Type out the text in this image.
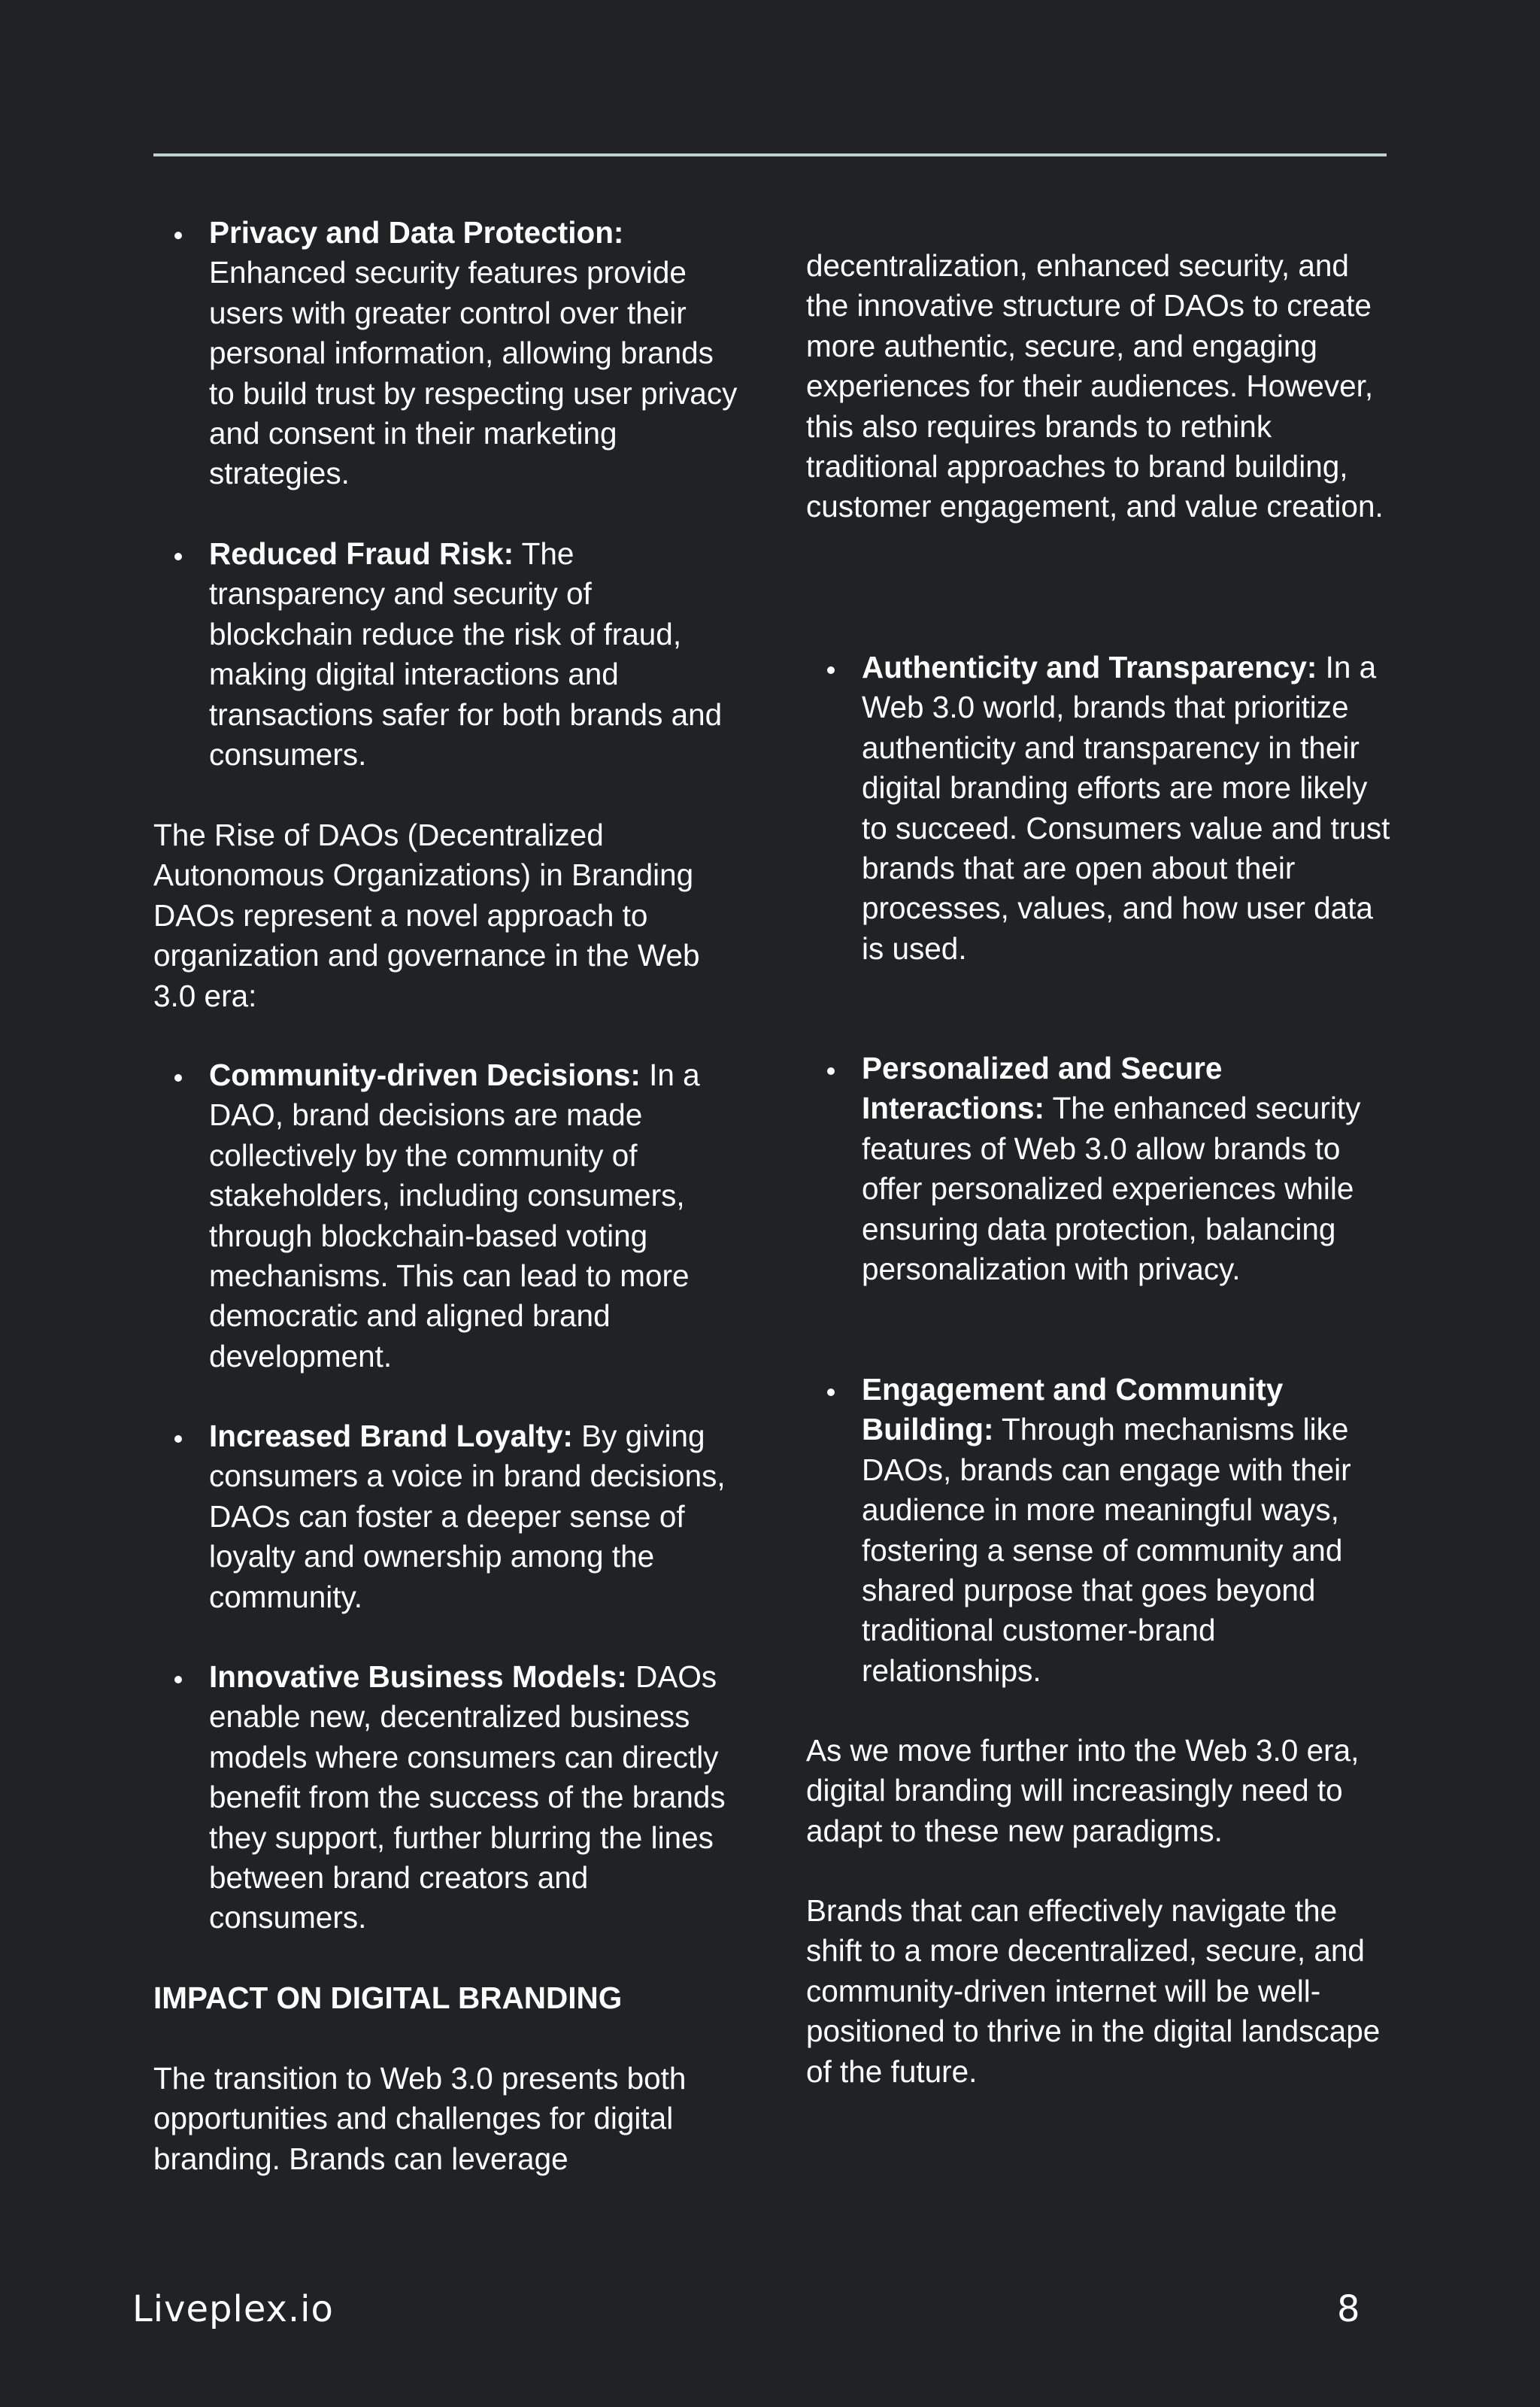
Privacy and Data Protection: Enhanced security features provide users with greater control over their personal information, allowing brands to build trust by respecting user privacy and consent in their marketing strategies.
Reduced Fraud Risk: The transparency and security of blockchain reduce the risk of fraud, making digital interactions and transactions safer for both brands and consumers.

The Rise of DAOs (Decentralized Autonomous Organizations) in Branding DAOs represent a novel approach to organization and governance in the Web 3.0 era:

Community-driven Decisions: In a DAO, brand decisions are made collectively by the community of stakeholders, including consumers, through blockchain-based voting mechanisms. This can lead to more democratic and aligned brand development.
Increased Brand Loyalty: By giving consumers a voice in brand decisions, DAOs can foster a deeper sense of loyalty and ownership among the community.
Innovative Business Models: DAOs enable new, decentralized business models where consumers can directly benefit from the success of the brands they support, further blurring the lines between brand creators and consumers.

IMPACT ON DIGITAL BRANDING

The transition to Web 3.0 presents both opportunities and challenges for digital branding. Brands can leverage

decentralization, enhanced security, and the innovative structure of DAOs to create more authentic, secure, and engaging experiences for their audiences. However, this also requires brands to rethink traditional approaches to brand building, customer engagement, and value creation.

Authenticity and Transparency: In a Web 3.0 world, brands that prioritize authenticity and transparency in their digital branding efforts are more likely to succeed. Consumers value and trust brands that are open about their processes, values, and how user data is used.
Personalized and Secure Interactions: The enhanced security features of Web 3.0 allow brands to offer personalized experiences while ensuring data protection, balancing personalization with privacy.
Engagement and Community Building: Through mechanisms like DAOs, brands can engage with their audience in more meaningful ways, fostering a sense of community and shared purpose that goes beyond traditional customer-brand relationships.

As we move further into the Web 3.0 era, digital branding will increasingly need to adapt to these new paradigms.

Brands that can effectively navigate the shift to a more decentralized, secure, and community-driven internet will be well-positioned to thrive in the digital landscape of the future.

Liveplex.io	8
